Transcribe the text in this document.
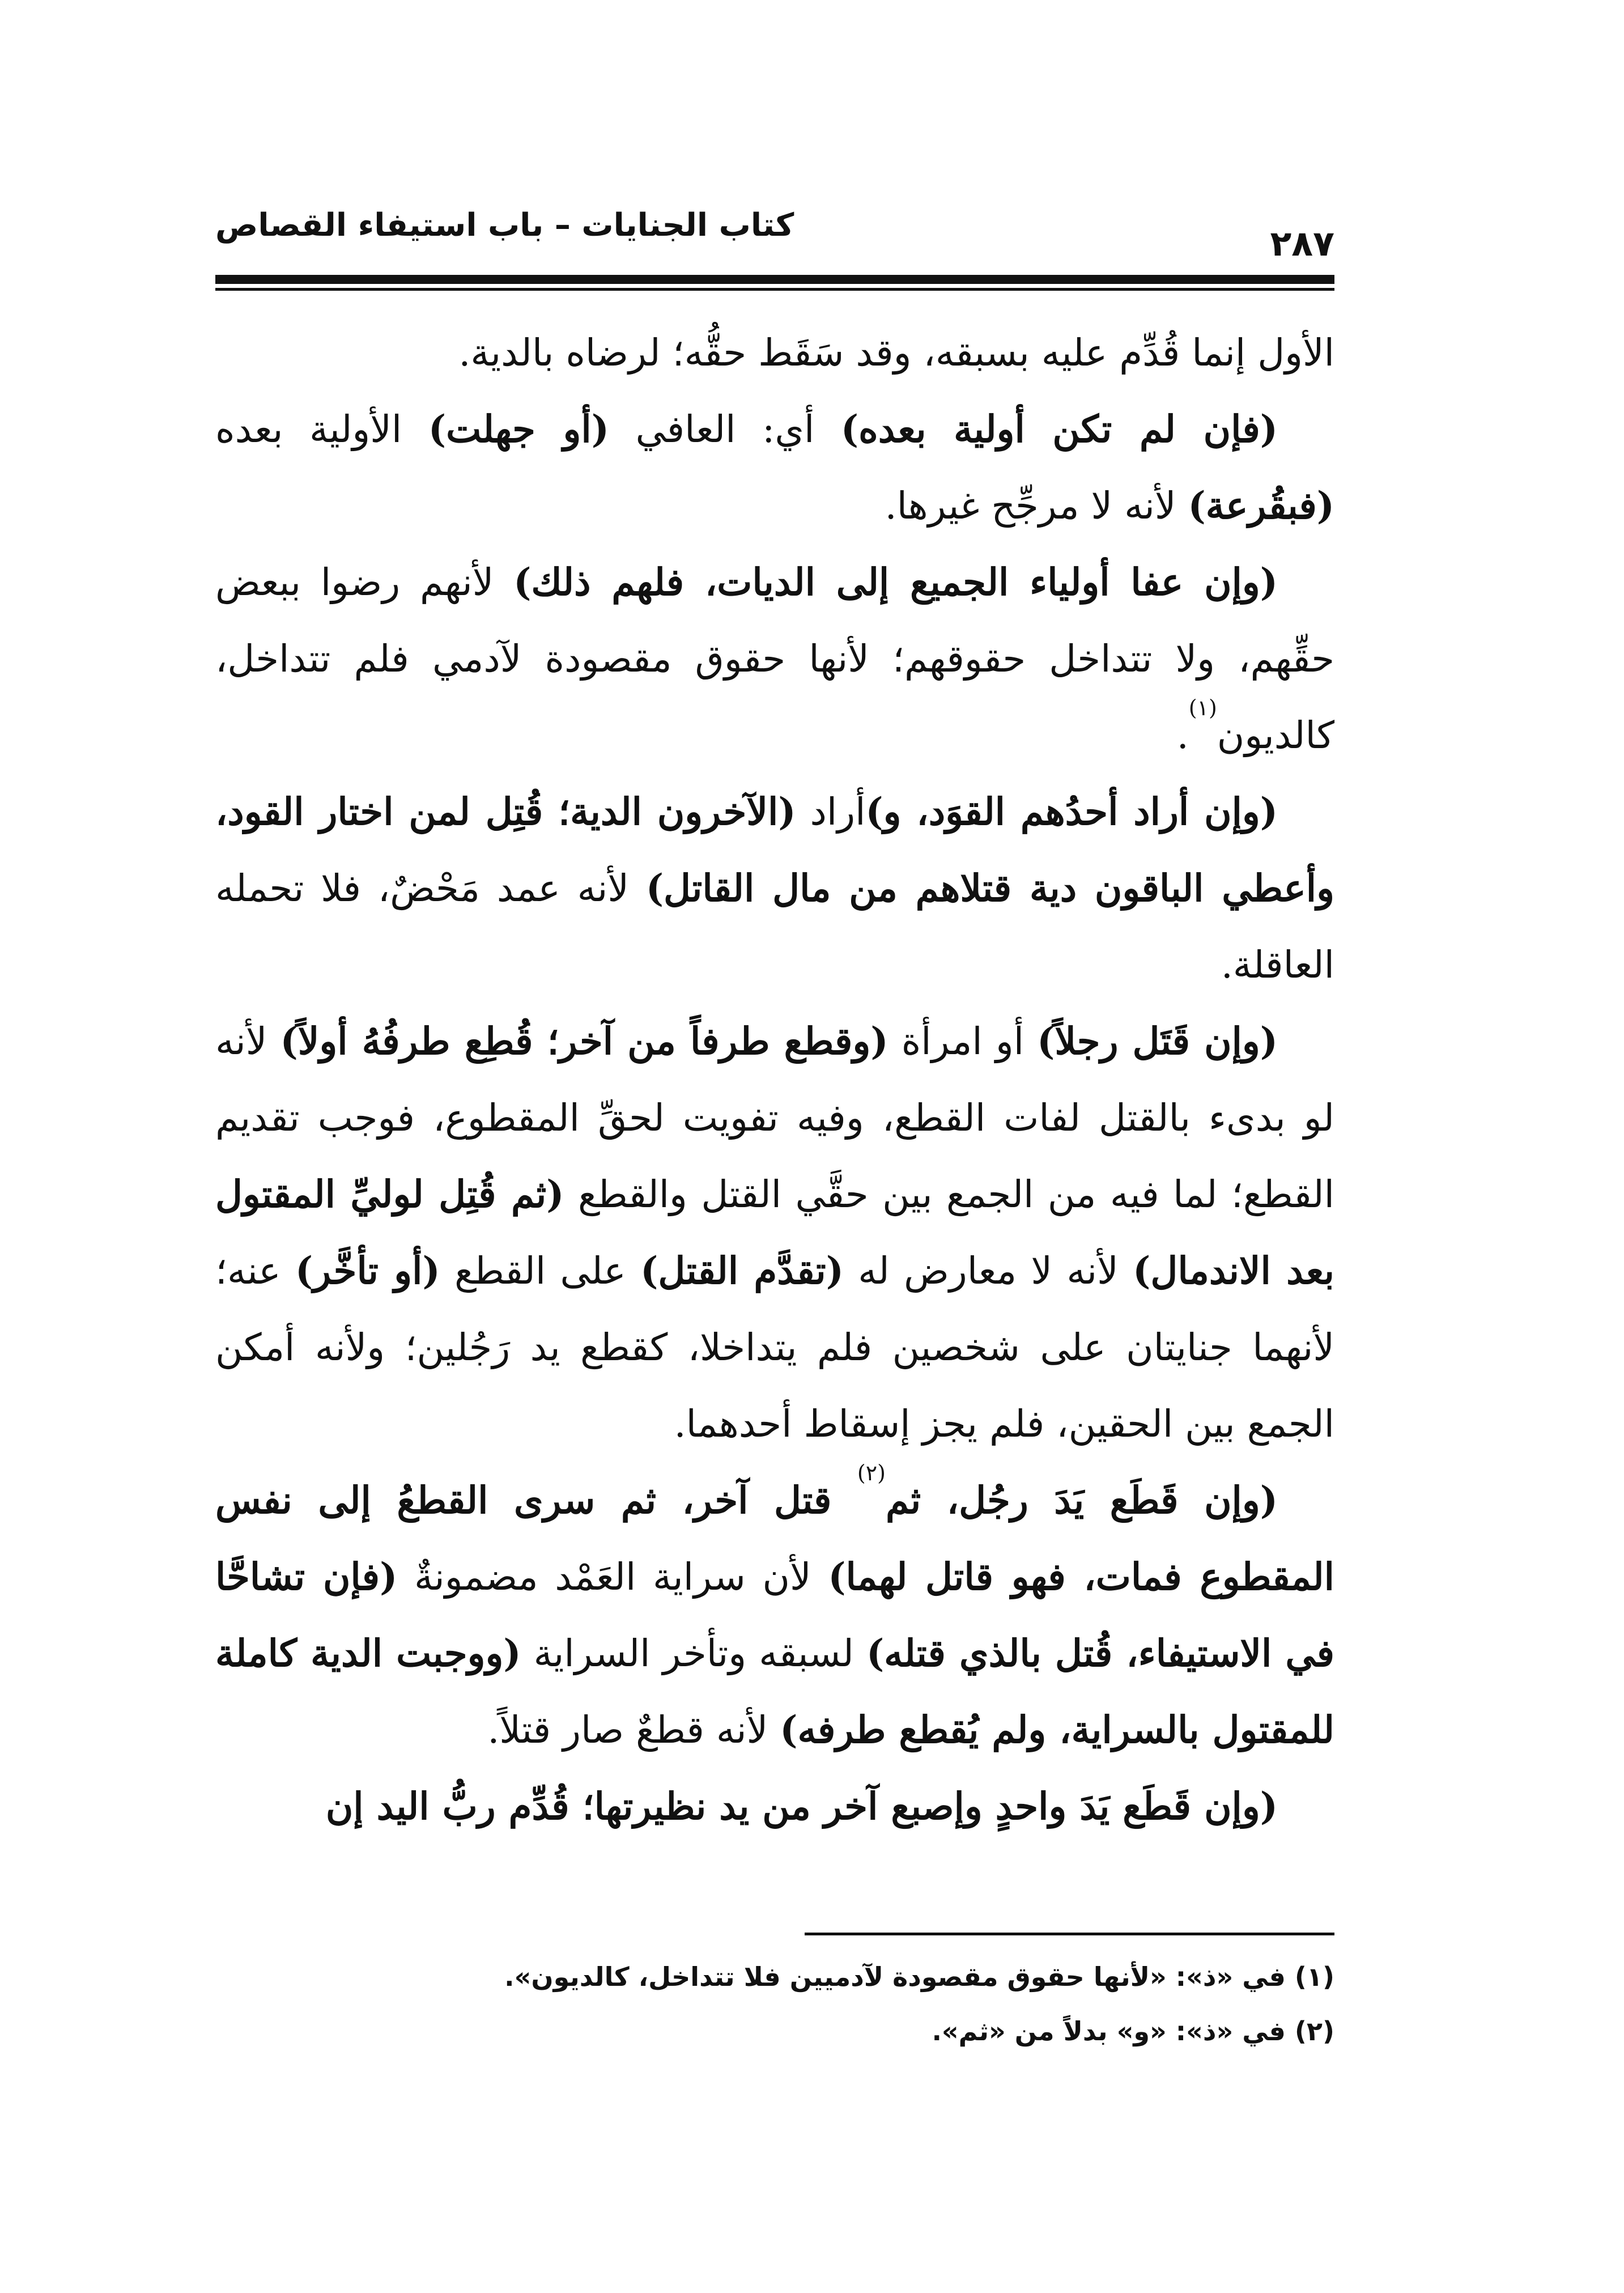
٢٨٧
كتاب الجنايات – باب استيفاء القصاص

الأول إنما قُدِّم عليه بسبقه، وقد سَقَط حقُّه؛ لرضاه بالدية.

(فإن لم تكن أولية بعده) أي: العافي (أو جهلت) الأولية بعده (فبقُرعة) لأنه لا مرجِّح غيرها.

(وإن عفا أولياء الجميع إلى الديات، فلهم ذلك) لأنهم رضوا ببعض حقِّهم، ولا تتداخل حقوقهم؛ لأنها حقوق مقصودة لآدمي فلم تتداخل، كالديون$^{(١)}$.

(وإن أراد أحدُهم القوَد، و)أراد (الآخرون الدية؛ قُتِل لمن اختار القود، وأعطي الباقون دية قتلاهم من مال القاتل) لأنه عمد مَحْضٌ، فلا تحمله العاقلة.

(وإن قَتَل رجلاً) أو امرأة (وقطع طرفاً من آخر؛ قُطِع طرفُهُ أولاً) لأنه لو بدىء بالقتل لفات القطع، وفيه تفويت لحقِّ المقطوع، فوجب تقديم القطع؛ لما فيه من الجمع بين حقَّي القتل والقطع (ثم قُتِل لوليِّ المقتول بعد الاندمال) لأنه لا معارض له (تقدَّم القتل) على القطع (أو تأخَّر) عنه؛ لأنهما جنايتان على شخصين فلم يتداخلا، كقطع يد رَجُلين؛ ولأنه أمكن الجمع بين الحقين، فلم يجز إسقاط أحدهما.

(وإن قَطَع يَدَ رجُل، ثم$^{(٢)}$ قتل آخر، ثم سرى القطعُ إلى نفس المقطوع فمات، فهو قاتل لهما) لأن سراية العَمْد مضمونةٌ (فإن تشاحَّا في الاستيفاء، قُتل بالذي قتله) لسبقه وتأخر السراية (ووجبت الدية كاملة للمقتول بالسراية، ولم يُقطع طرفه) لأنه قطعٌ صار قتلاً.

(وإن قَطَع يَدَ واحدٍ وإصبع آخر من يد نظيرتها؛ قُدِّم ربُّ اليد إن

(١) في «ذ»: «لأنها حقوق مقصودة لآدميين فلا تتداخل، كالديون».
(٢) في «ذ»: «و» بدلاً من «ثم».
